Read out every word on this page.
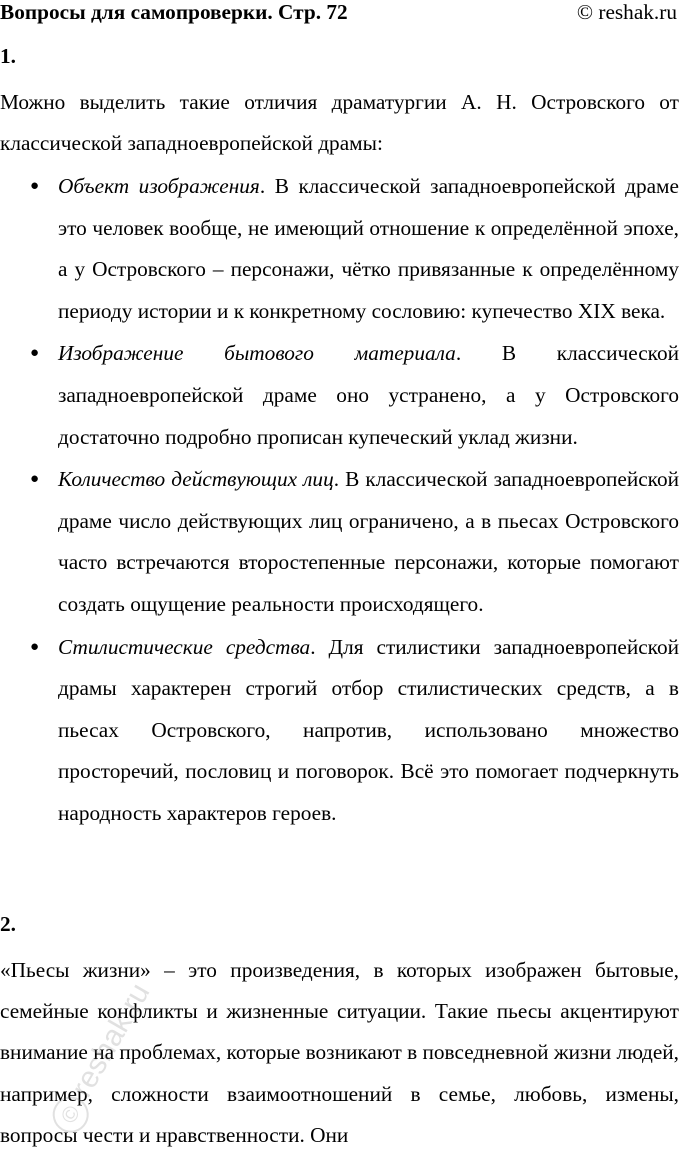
Вопросы для самопроверки. Стр. 72	© reshak.ru
1.
Можно выделить такие отличия драматургии А. Н. Островского от классической западноевропейской драмы:
● Объект изображения. В классической западноевропейской драме это человек вообще, не имеющий отношение к определённой эпохе, а у Островского – персонажи, чётко привязанные к определённому периоду истории и к конкретному сословию: купечество XIX века.
● Изображение бытового материала. В классической западноевропейской драме оно устранено, а у Островского достаточно подробно прописан купеческий уклад жизни.
● Количество действующих лиц. В классической западноевропейской драме число действующих лиц ограничено, а в пьесах Островского часто встречаются второстепенные персонажи, которые помогают создать ощущение реальности происходящего.
● Стилистические средства. Для стилистики западноевропейской драмы характерен строгий отбор стилистических средств, а в пьесах Островского, напротив, использовано множество просторечий, пословиц и поговорок. Всё это помогает подчеркнуть народность характеров героев.
2.
«Пьесы жизни» – это произведения, в которых изображен бытовые, семейные конфликты и жизненные ситуации. Такие пьесы акцентируют внимание на проблемах, которые возникают в повседневной жизни людей, например, сложности взаимоотношений в семье, любовь, измены, вопросы чести и нравственности. Они
©reshak.ru
